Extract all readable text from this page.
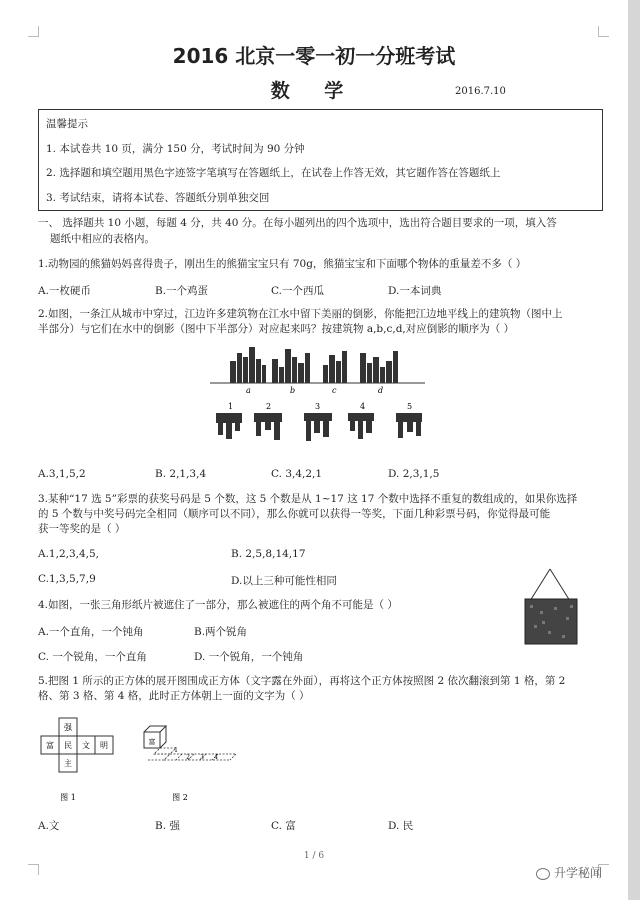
2016 北京一零一初一分班考试
数 学	2016.7.10
温馨提示
1. 本试卷共 10 页，满分 150 分，考试时间为 90 分钟
2. 选择题和填空题用黑色字迹签字笔填写在答题纸上，在试卷上作答无效，其它题作答在答题纸上
3. 考试结束，请将本试卷、答题纸分别单独交回
一、 选择题共 10 小题，每题 4 分，共 40 分。在每小题列出的四个选项中，选出符合题目要求的一项，填入答
题纸中相应的表格内。
1.动物园的熊猫妈妈喜得贵子，刚出生的熊猫宝宝只有 70g，熊猫宝宝和下面哪个物体的重量差不多（ ）
A.一枚硬币	B.一个鸡蛋	C.一个西瓜	D.一本词典
2.如图，一条江从城市中穿过，江边许多建筑物在江水中留下美丽的倒影，你能把江边地平线上的建筑物（图中上
半部分）与它们在水中的倒影（图中下半部分）对应起来吗？按建筑物 a,b,c,d,对应倒影的顺序为（ ）
a	b	c	d
1	2	3	4	5
A.3,1,5,2	B. 2,1,3,4	C. 3,4,2,1	D. 2,3,1,5
3.某种“17 选 5”彩票的获奖号码是 5 个数，这 5 个数是从 1~17 这 17 个数中选择不重复的数组成的，如果你选择
的 5 个数与中奖号码完全相同（顺序可以不同），那么你就可以获得一等奖，下面几种彩票号码，你觉得最可能
获一等奖的是（ ）
A.1,2,3,4,5,	B. 2,5,8,14,17
C.1,3,5,7,9	D.以上三种可能性相同
4.如图，一张三角形纸片被遮住了一部分，那么被遮住的两个角不可能是（ ）
A.一个直角，一个钝角	B.两个锐角
C. 一个锐角，一个直角	D. 一个锐角，一个钝角
5.把图 1 所示的正方体的展开图围成正方体（文字露在外面），再将这个正方体按照图 2 依次翻滚到第 1 格，第 2
格、第 3 格、第 4 格，此时正方体朝上一面的文字为（ ）
强
富 民 文 明
主
图 1
富
1
2 3 4
图 2
A.文	B. 强	C. 富	D. 民
1 / 6
升学秘闻
